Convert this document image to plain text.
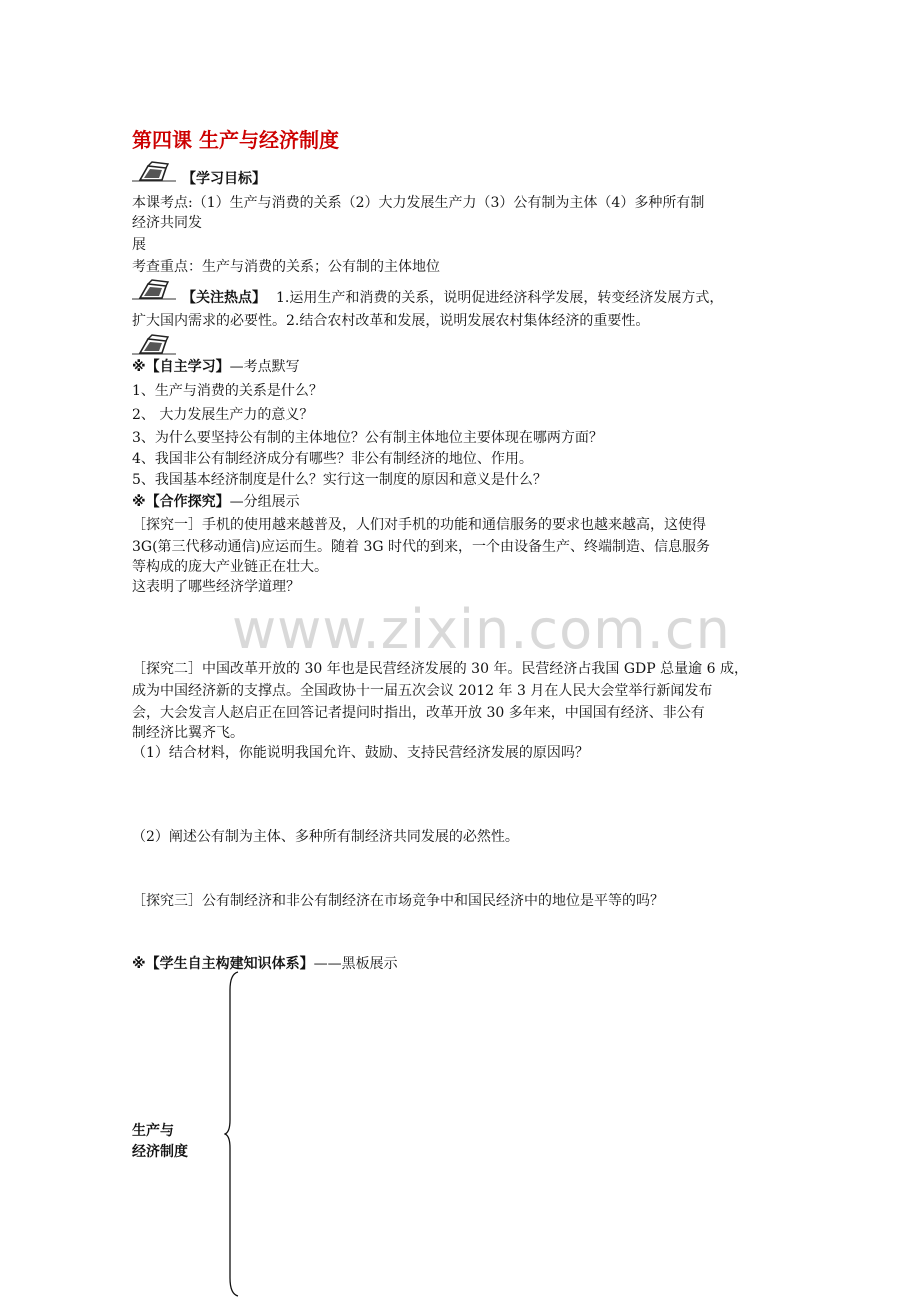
第四课 生产与经济制度
【学习目标】
本课考点:（1）生产与消费的关系（2）大力发展生产力（3）公有制为主体（4）多种所有制
经济共同发
展
考查重点：生产与消费的关系；公有制的主体地位
【关注热点】 1.运用生产和消费的关系，说明促进经济科学发展，转变经济发展方式，
扩大国内需求的必要性。2.结合农村改革和发展，说明发展农村集体经济的重要性。
※【自主学习】—考点默写
1、生产与消费的关系是什么？
2、 大力发展生产力的意义？
3、为什么要坚持公有制的主体地位？公有制主体地位主要体现在哪两方面？
4、我国非公有制经济成分有哪些？非公有制经济的地位、作用。
5、我国基本经济制度是什么？实行这一制度的原因和意义是什么？
※【合作探究】—分组展示
［探究一］手机的使用越来越普及，人们对手机的功能和通信服务的要求也越来越高，这使得
3G(第三代移动通信)应运而生。随着 3G 时代的到来，一个由设备生产、终端制造、信息服务
等构成的庞大产业链正在壮大。
这表明了哪些经济学道理？
www.zixin.com.cn
［探究二］中国改革开放的 30 年也是民营经济发展的 30 年。民营经济占我国 GDP 总量逾 6 成，
成为中国经济新的支撑点。全国政协十一届五次会议 2012 年 3 月在人民大会堂举行新闻发布
会，大会发言人赵启正在回答记者提问时指出，改革开放 30 多年来，中国国有经济、非公有
制经济比翼齐飞。
（1）结合材料，你能说明我国允许、鼓励、支持民营经济发展的原因吗？
（2）阐述公有制为主体、多种所有制经济共同发展的必然性。
［探究三］公有制经济和非公有制经济在市场竞争中和国民经济中的地位是平等的吗？
※【学生自主构建知识体系】——黑板展示
生产与
经济制度
